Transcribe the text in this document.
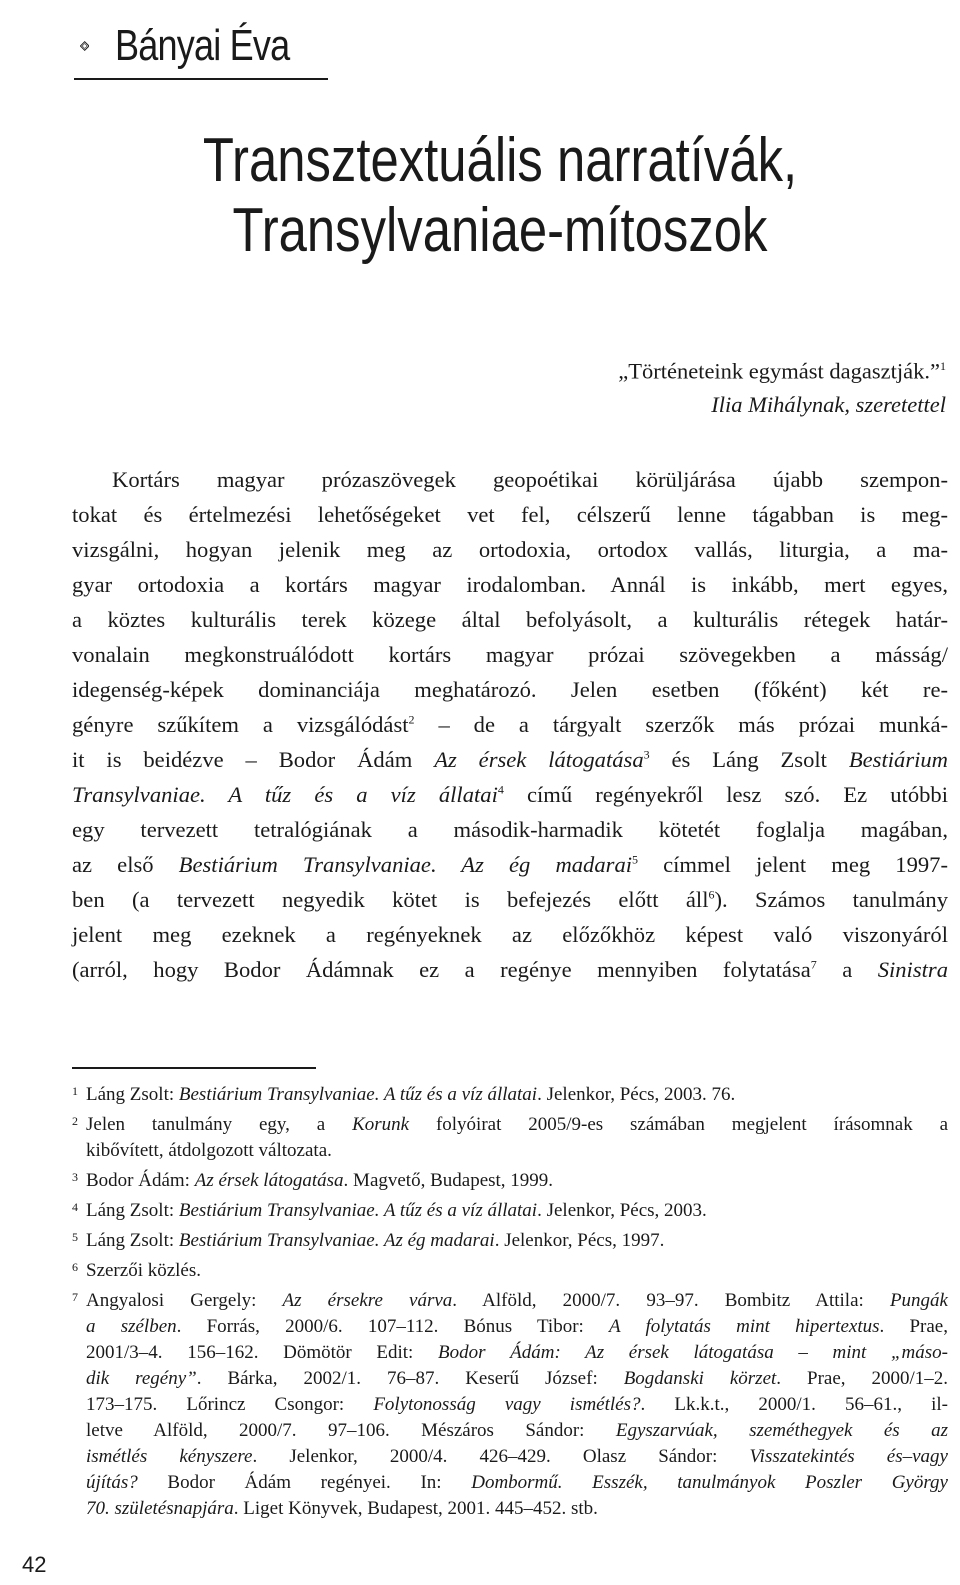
Bányai Éva
Transztextuális narratívák,
Transylvaniae-mítoszok
„Történeteink egymást dagasztják.”$^1$
Ilia Mihálynak, szeretettel
Kortárs magyar prózaszövegek geopoétikai körüljárása újabb szempon-
tokat és értelmezési lehetőségeket vet fel, célszerű lenne tágabban is meg-
vizsgálni, hogyan jelenik meg az ortodoxia, ortodox vallás, liturgia, a ma-
gyar ortodoxia a kortárs magyar irodalomban. Annál is inkább, mert egyes,
a köztes kulturális terek közege által befolyásolt, a kulturális rétegek határ-
vonalain megkonstruálódott kortárs magyar prózai szövegekben a másság/
idegenség-képek dominanciája meghatározó. Jelen esetben (főként) két re-
gényre szűkítem a vizsgálódást$^2$ – de a tárgyalt szerzők más prózai munká-
it is beidézve – Bodor Ádám Az érsek látogatása$^3$ és Láng Zsolt Bestiárium
Transylvaniae. A tűz és a víz állatai$^4$ című regényekről lesz szó. Ez utóbbi
egy tervezett tetralógiának a második-harmadik kötetét foglalja magában,
az első Bestiárium Transylvaniae. Az ég madarai$^5$ címmel jelent meg 1997-
ben (a tervezett negyedik kötet is befejezés előtt áll$^6$). Számos tanulmány
jelent meg ezeknek a regényeknek az előzőkhöz képest való viszonyáról
(arról, hogy Bodor Ádámnak ez a regénye mennyiben folytatása$^7$ a Sinistra
1 Láng Zsolt: Bestiárium Transylvaniae. A tűz és a víz állatai. Jelenkor, Pécs, 2003. 76.
2 Jelen tanulmány egy, a Korunk folyóirat 2005/9-es számában megjelent írásomnak a
kibővített, átdolgozott változata.
3 Bodor Ádám: Az érsek látogatása. Magvető, Budapest, 1999.
4 Láng Zsolt: Bestiárium Transylvaniae. A tűz és a víz állatai. Jelenkor, Pécs, 2003.
5 Láng Zsolt: Bestiárium Transylvaniae. Az ég madarai. Jelenkor, Pécs, 1997.
6 Szerzői közlés.
7 Angyalosi Gergely: Az érsekre várva. Alföld, 2000/7. 93–97. Bombitz Attila: Pungák
a szélben. Forrás, 2000/6. 107–112. Bónus Tibor: A folytatás mint hipertextus. Prae,
2001/3–4. 156–162. Dömötör Edit: Bodor Ádám: Az érsek látogatása – mint „máso-
dik regény”. Bárka, 2002/1. 76–87. Keserű József: Bogdanski körzet. Prae, 2000/1–2.
173–175. Lőrincz Csongor: Folytonosság vagy ismétlés?. Lk.k.t., 2000/1. 56–61., il-
letve Alföld, 2000/7. 97–106. Mészáros Sándor: Egyszarvúak, szeméthegyek és az
ismétlés kényszere. Jelenkor, 2000/4. 426–429. Olasz Sándor: Visszatekintés és–vagy
újítás? Bodor Ádám regényei. In: Dombormű. Esszék, tanulmányok Poszler György
70. születésnapjára. Liget Könyvek, Budapest, 2001. 445–452. stb.
42
